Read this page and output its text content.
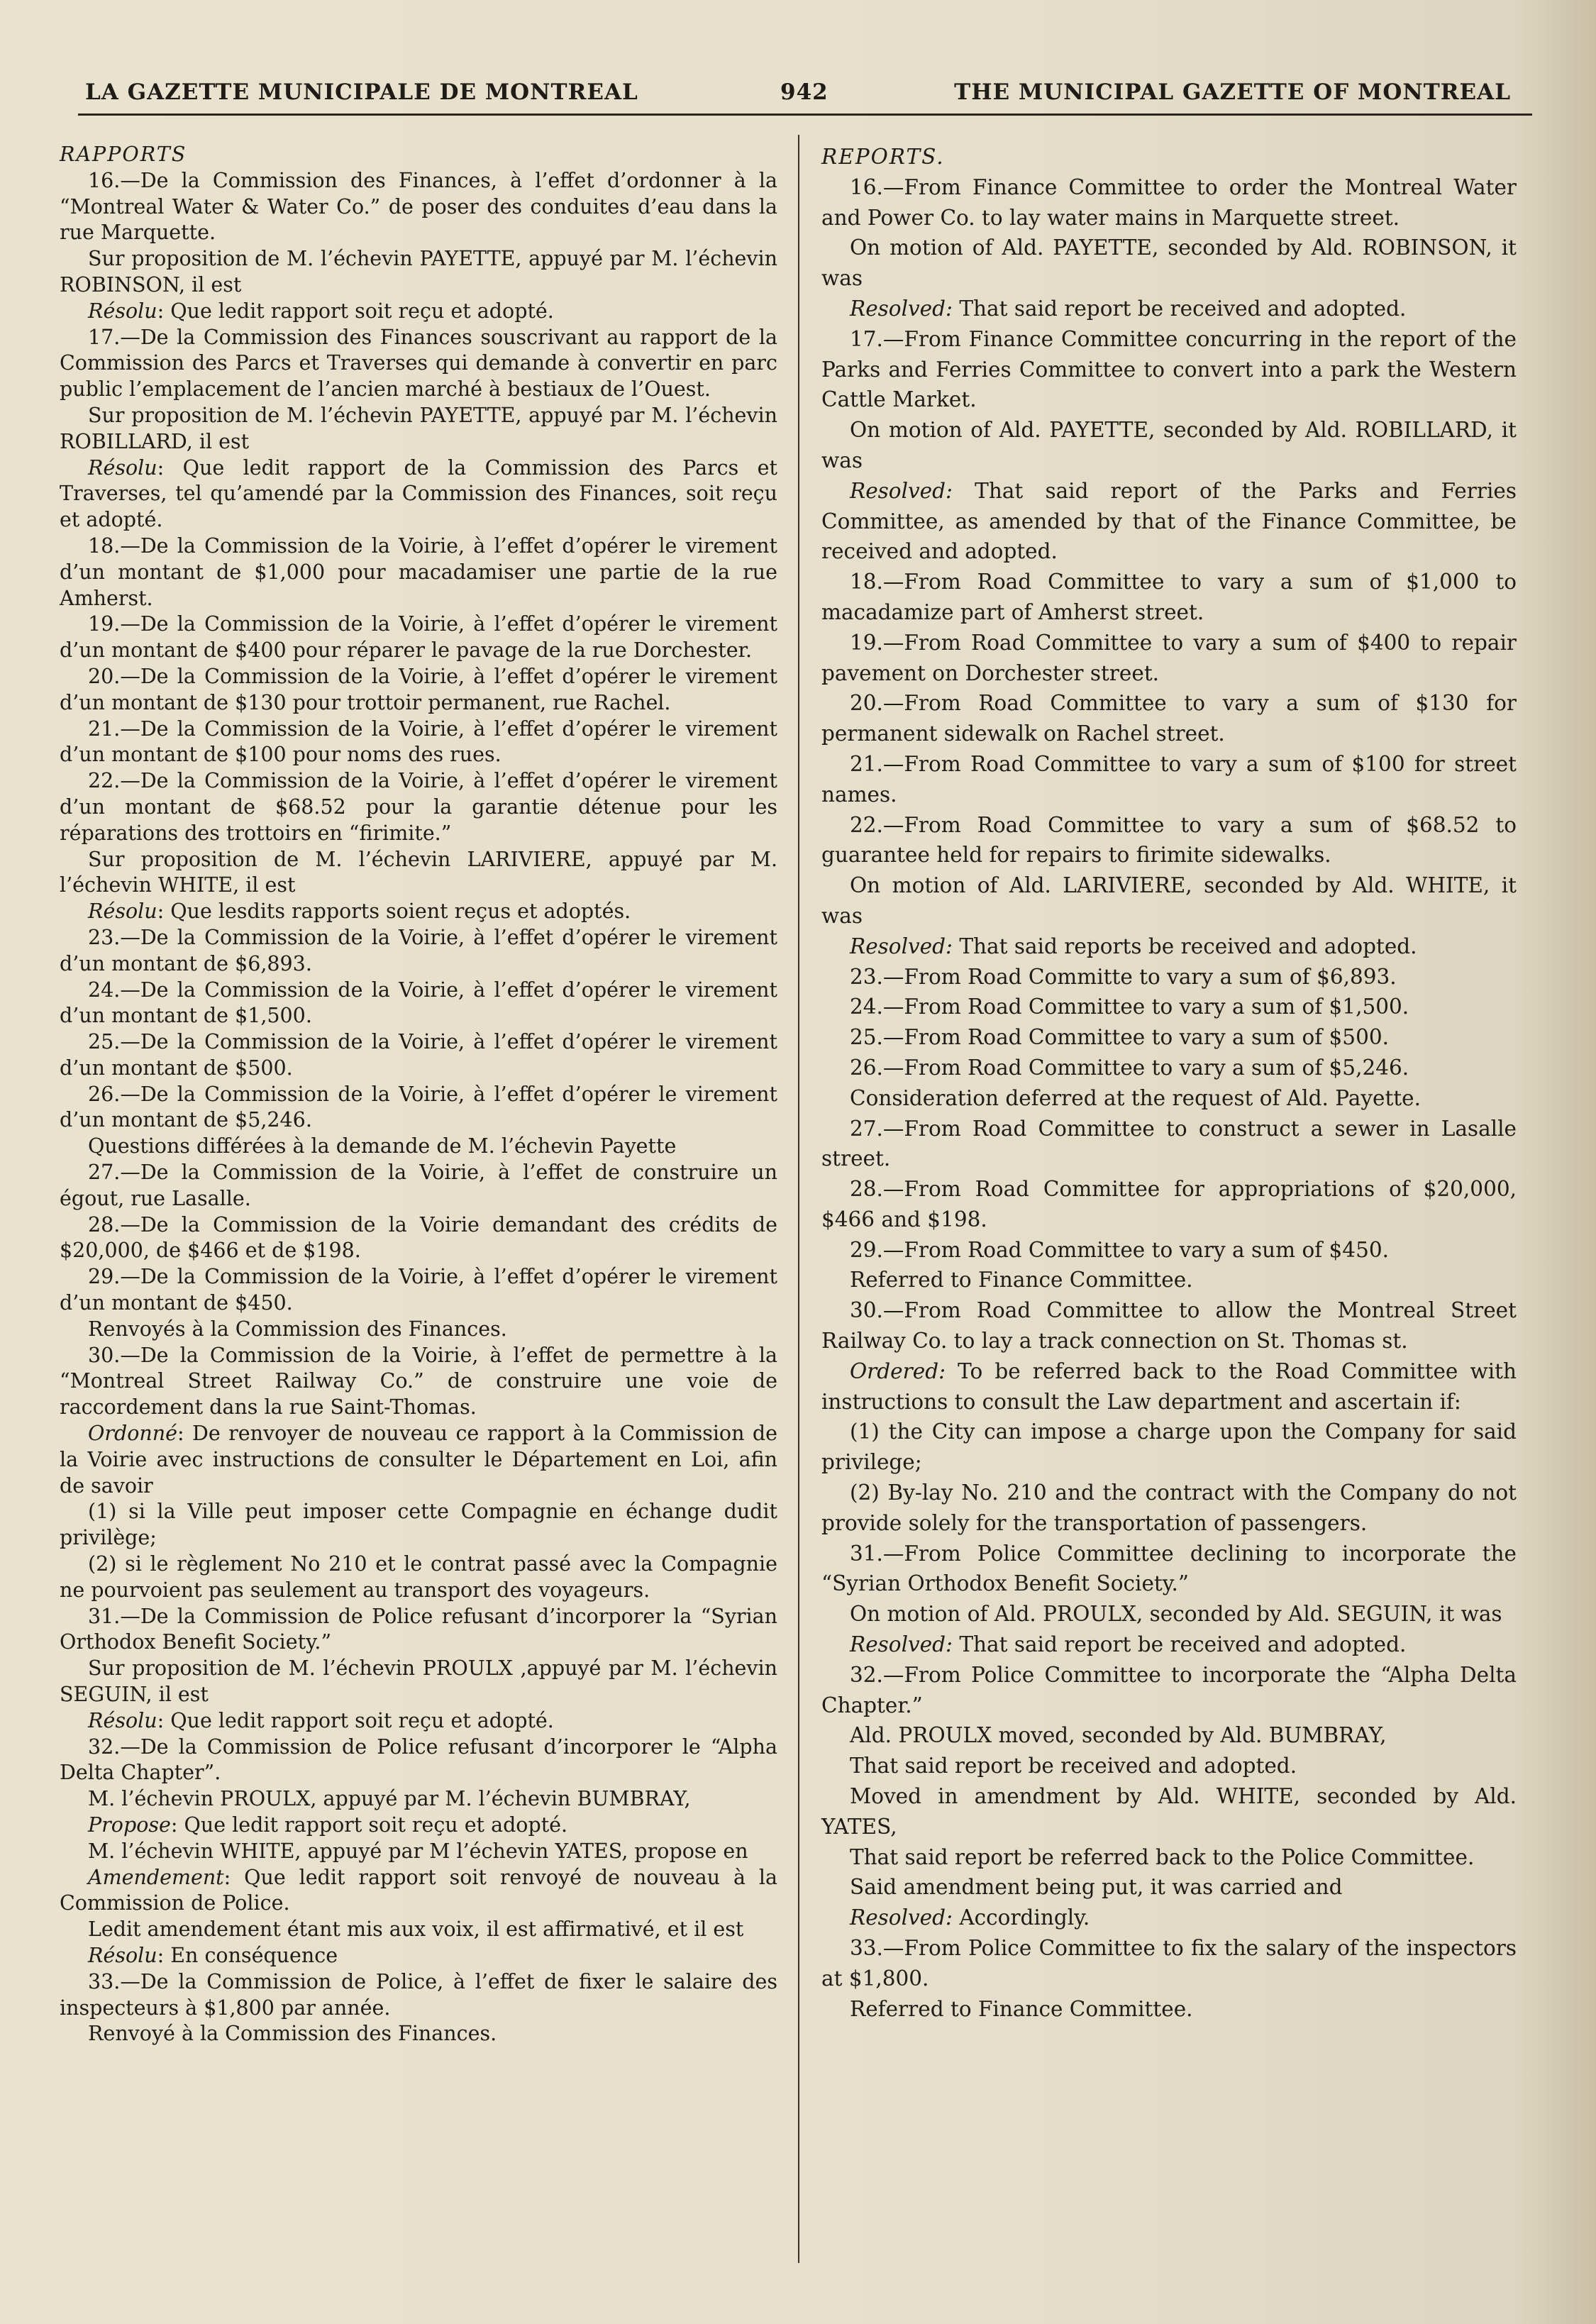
LA GAZETTE MUNICIPALE DE MONTREAL	942	THE MUNICIPAL GAZETTE OF MONTREAL

RAPPORTS

16.—De la Commission des Finances, à l’effet d’ordonner à la “Montreal Water & Water Co.” de poser des conduites d’eau dans la rue Marquette.

Sur proposition de M. l’échevin PAYETTE, appuyé par M. l’échevin ROBINSON, il est

Résolu: Que ledit rapport soit reçu et adopté.

17.—De la Commission des Finances souscrivant au rapport de la Commission des Parcs et Traverses qui demande à convertir en parc public l’emplacement de l’ancien marché à bestiaux de l’Ouest.

Sur proposition de M. l’échevin PAYETTE, appuyé par M. l’échevin ROBILLARD, il est

Résolu: Que ledit rapport de la Commission des Parcs et Traverses, tel qu’amendé par la Commission des Finances, soit reçu et adopté.

18.—De la Commission de la Voirie, à l’effet d’opérer le virement d’un montant de $1,000 pour macadamiser une partie de la rue Amherst.

19.—De la Commission de la Voirie, à l’effet d’opérer le virement d’un montant de $400 pour réparer le pavage de la rue Dorchester.

20.—De la Commission de la Voirie, à l’effet d’opérer le virement d’un montant de $130 pour trottoir permanent, rue Rachel.

21.—De la Commission de la Voirie, à l’effet d’opérer le virement d’un montant de $100 pour noms des rues.

22.—De la Commission de la Voirie, à l’effet d’opérer le virement d’un montant de $68.52 pour la garantie détenue pour les réparations des trottoirs en “firimite.”

Sur proposition de M. l’échevin LARIVIERE, appuyé par M. l’échevin WHITE, il est

Résolu: Que lesdits rapports soient reçus et adoptés.

23.—De la Commission de la Voirie, à l’effet d’opérer le virement d’un montant de $6,893.

24.—De la Commission de la Voirie, à l’effet d’opérer le virement d’un montant de $1,500.

25.—De la Commission de la Voirie, à l’effet d’opérer le virement d’un montant de $500.

26.—De la Commission de la Voirie, à l’effet d’opérer le virement d’un montant de $5,246.

Questions différées à la demande de M. l’échevin Payette

27.—De la Commission de la Voirie, à l’effet de construire un égout, rue Lasalle.

28.—De la Commission de la Voirie demandant des crédits de $20,000, de $466 et de $198.

29.—De la Commission de la Voirie, à l’effet d’opérer le virement d’un montant de $450.

Renvoyés à la Commission des Finances.

30.—De la Commission de la Voirie, à l’effet de permettre à la “Montreal Street Railway Co.” de construire une voie de raccordement dans la rue Saint-Thomas.

Ordonné: De renvoyer de nouveau ce rapport à la Commission de la Voirie avec instructions de consulter le Département en Loi, afin de savoir

(1) si la Ville peut imposer cette Compagnie en échange dudit privilège;

(2) si le règlement No 210 et le contrat passé avec la Compagnie ne pourvoient pas seulement au transport des voyageurs.

31.—De la Commission de Police refusant d’incorporer la “Syrian Orthodox Benefit Society.”

Sur proposition de M. l’échevin PROULX ,appuyé par M. l’échevin SEGUIN, il est

Résolu: Que ledit rapport soit reçu et adopté.

32.—De la Commission de Police refusant d’incorporer le “Alpha Delta Chapter”.

M. l’échevin PROULX, appuyé par M. l’échevin BUMBRAY,

Propose: Que ledit rapport soit reçu et adopté.

M. l’échevin WHITE, appuyé par M l’échevin YATES, propose en

Amendement: Que ledit rapport soit renvoyé de nouveau à la Commission de Police.

Ledit amendement étant mis aux voix, il est affirmativé, et il est

Résolu: En conséquence

33.—De la Commission de Police, à l’effet de fixer le salaire des inspecteurs à $1,800 par année.

Renvoyé à la Commission des Finances.

REPORTS.

16.—From Finance Committee to order the Montreal Water and Power Co. to lay water mains in Marquette street.

On motion of Ald. PAYETTE, seconded by Ald. ROBINSON, it was

Resolved: That said report be received and adopted.

17.—From Finance Committee concurring in the report of the Parks and Ferries Committee to convert into a park the Western Cattle Market.

On motion of Ald. PAYETTE, seconded by Ald. ROBILLARD, it was

Resolved: That said report of the Parks and Ferries Committee, as amended by that of the Finance Committee, be received and adopted.

18.—From Road Committee to vary a sum of $1,000 to macadamize part of Amherst street.

19.—From Road Committee to vary a sum of $400 to repair pavement on Dorchester street.

20.—From Road Committee to vary a sum of $130 for permanent sidewalk on Rachel street.

21.—From Road Committee to vary a sum of $100 for street names.

22.—From Road Committee to vary a sum of $68.52 to guarantee held for repairs to firimite sidewalks.

On motion of Ald. LARIVIERE, seconded by Ald. WHITE, it was

Resolved: That said reports be received and adopted.

23.—From Road Committe to vary a sum of $6,893.

24.—From Road Committee to vary a sum of $1,500.

25.—From Road Committee to vary a sum of $500.

26.—From Road Committee to vary a sum of $5,246.

Consideration deferred at the request of Ald. Payette.

27.—From Road Committee to construct a sewer in Lasalle street.

28.—From Road Committee for appropriations of $20,000, $466 and $198.

29.—From Road Committee to vary a sum of $450.

Referred to Finance Committee.

30.—From Road Committee to allow the Montreal Street Railway Co. to lay a track connection on St. Thomas st.

Ordered: To be referred back to the Road Committee with instructions to consult the Law department and ascertain if:

(1) the City can impose a charge upon the Company for said privilege;

(2) By-lay No. 210 and the contract with the Company do not provide solely for the transportation of passengers.

31.—From Police Committee declining to incorporate the “Syrian Orthodox Benefit Society.”

On motion of Ald. PROULX, seconded by Ald. SEGUIN, it was

Resolved: That said report be received and adopted.

32.—From Police Committee to incorporate the “Alpha Delta Chapter.”

Ald. PROULX moved, seconded by Ald. BUMBRAY,

That said report be received and adopted.

Moved in amendment by Ald. WHITE, seconded by Ald. YATES,

That said report be referred back to the Police Committee.

Said amendment being put, it was carried and

Resolved: Accordingly.

33.—From Police Committee to fix the salary of the inspectors at $1,800.

Referred to Finance Committee.
